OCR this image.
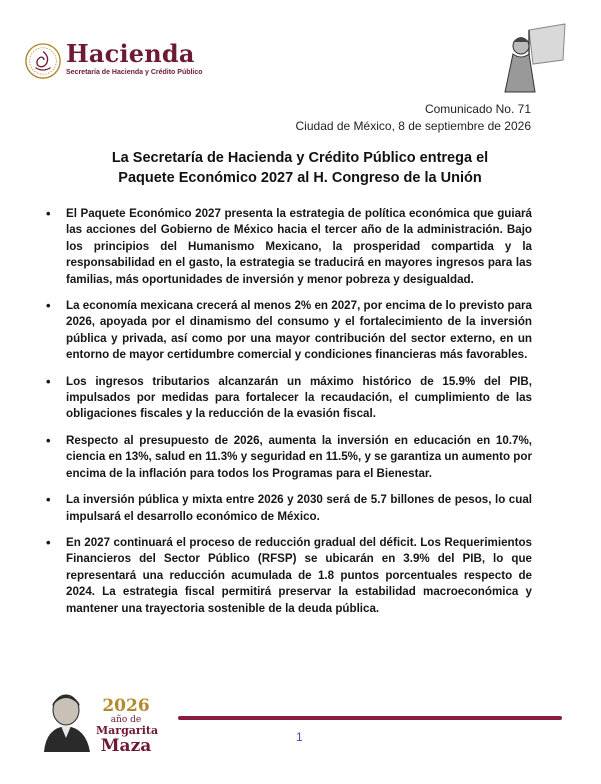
Hacienda
Secretaría de Hacienda y Crédito Público
Comunicado No. 71
Ciudad de México, 8 de septiembre de 2026
La Secretaría de Hacienda y Crédito Público entrega el
Paquete Económico 2027 al H. Congreso de la Unión
• El Paquete Económico 2027 presenta la estrategia de política económica que guiará las acciones del Gobierno de México hacia el tercer año de la administración. Bajo los principios del Humanismo Mexicano, la prosperidad compartida y la responsabilidad en el gasto, la estrategia se traducirá en mayores ingresos para las familias, más oportunidades de inversión y menor pobreza y desigualdad.
• La economía mexicana crecerá al menos 2% en 2027, por encima de lo previsto para 2026, apoyada por el dinamismo del consumo y el fortalecimiento de la inversión pública y privada, así como por una mayor contribución del sector externo, en un entorno de mayor certidumbre comercial y condiciones financieras más favorables.
• Los ingresos tributarios alcanzarán un máximo histórico de 15.9% del PIB, impulsados por medidas para fortalecer la recaudación, el cumplimiento de las obligaciones fiscales y la reducción de la evasión fiscal.
• Respecto al presupuesto de 2026, aumenta la inversión en educación en 10.7%, ciencia en 13%, salud en 11.3% y seguridad en 11.5%, y se garantiza un aumento por encima de la inflación para todos los Programas para el Bienestar.
• La inversión pública y mixta entre 2026 y 2030 será de 5.7 billones de pesos, lo cual impulsará el desarrollo económico de México.
• En 2027 continuará el proceso de reducción gradual del déficit. Los Requerimientos Financieros del Sector Público (RFSP) se ubicarán en 3.9% del PIB, lo que representará una reducción acumulada de 1.8 puntos porcentuales respecto de 2024. La estrategia fiscal permitirá preservar la estabilidad macroeconómica y mantener una trayectoria sostenible de la deuda pública.
2026
año de
Margarita
Maza	1
